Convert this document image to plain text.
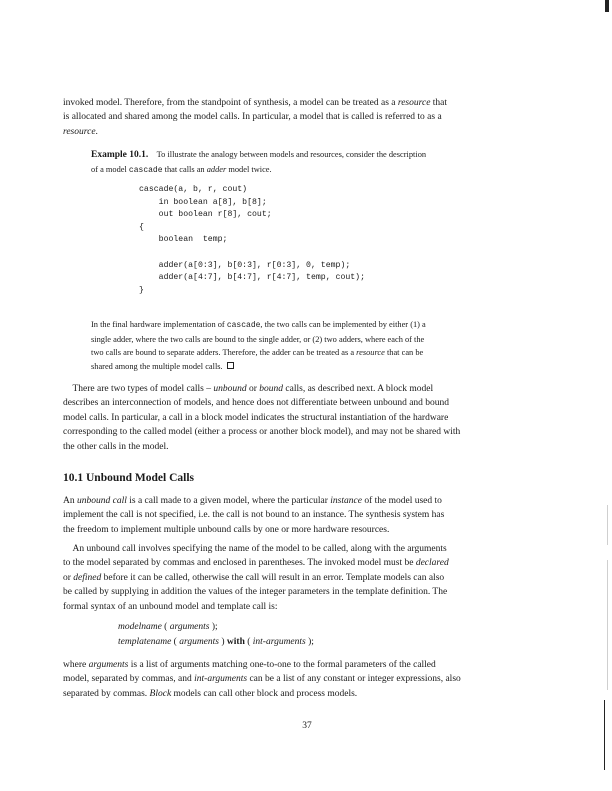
invoked model. Therefore, from the standpoint of synthesis, a model can be treated as a resource that
is allocated and shared among the model calls. In particular, a model that is called is referred to as a
resource.
Example 10.1. To illustrate the analogy between models and resources, consider the description
of a model cascade that calls an adder model twice.
cascade(a, b, r, cout)
in boolean a[8], b[8];
out boolean r[8], cout;
{
boolean  temp;

adder(a[0:3], b[0:3], r[0:3], 0, temp);
adder(a[4:7], b[4:7], r[4:7], temp, cout);
}
In the final hardware implementation of cascade, the two calls can be implemented by either (1) a
single adder, where the two calls are bound to the single adder, or (2) two adders, where each of the
two calls are bound to separate adders. Therefore, the adder can be treated as a resource that can be
shared among the multiple model calls.
There are two types of model calls – unbound or bound calls, as described next. A block model
describes an interconnection of models, and hence does not differentiate between unbound and bound
model calls. In particular, a call in a block model indicates the structural instantiation of the hardware
corresponding to the called model (either a process or another block model), and may not be shared with
the other calls in the model.
10.1 Unbound Model Calls
An unbound call is a call made to a given model, where the particular instance of the model used to
implement the call is not specified, i.e. the call is not bound to an instance. The synthesis system has
the freedom to implement multiple unbound calls by one or more hardware resources.
An unbound call involves specifying the name of the model to be called, along with the arguments
to the model separated by commas and enclosed in parentheses. The invoked model must be declared
or defined before it can be called, otherwise the call will result in an error. Template models can also
be called by supplying in addition the values of the integer parameters in the template definition. The
formal syntax of an unbound model and template call is:
modelname ( arguments );
templatename ( arguments ) with ( int-arguments );
where arguments is a list of arguments matching one-to-one to the formal parameters of the called
model, separated by commas, and int-arguments can be a list of any constant or integer expressions, also
separated by commas. Block models can call other block and process models.

37
